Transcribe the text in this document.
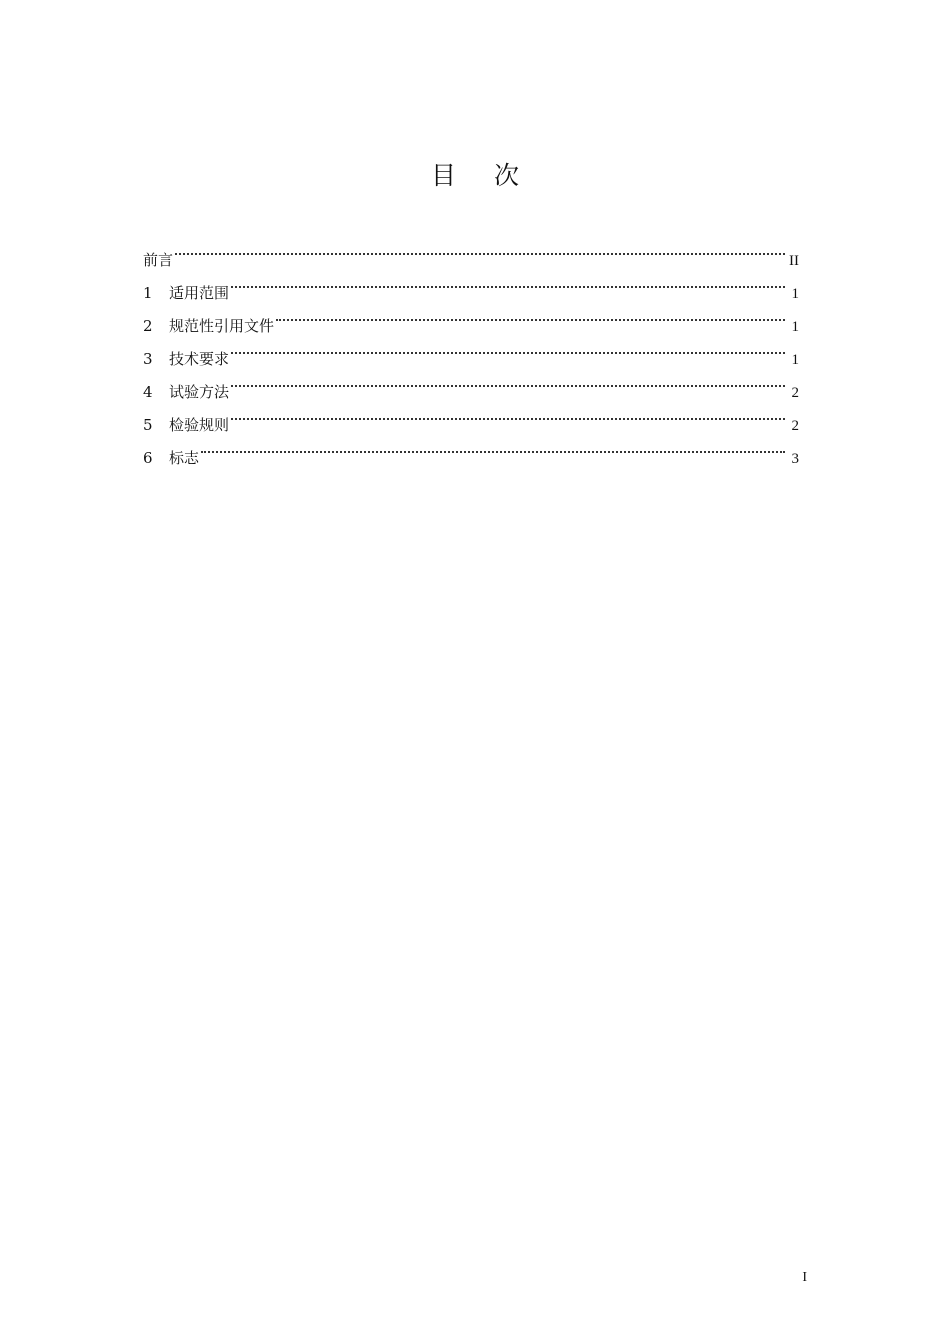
目 次
前言	II
1	适用范围	1
2	规范性引用文件	1
3	技术要求	1
4	试验方法	2
5	检验规则	2
6	标志	3
I
